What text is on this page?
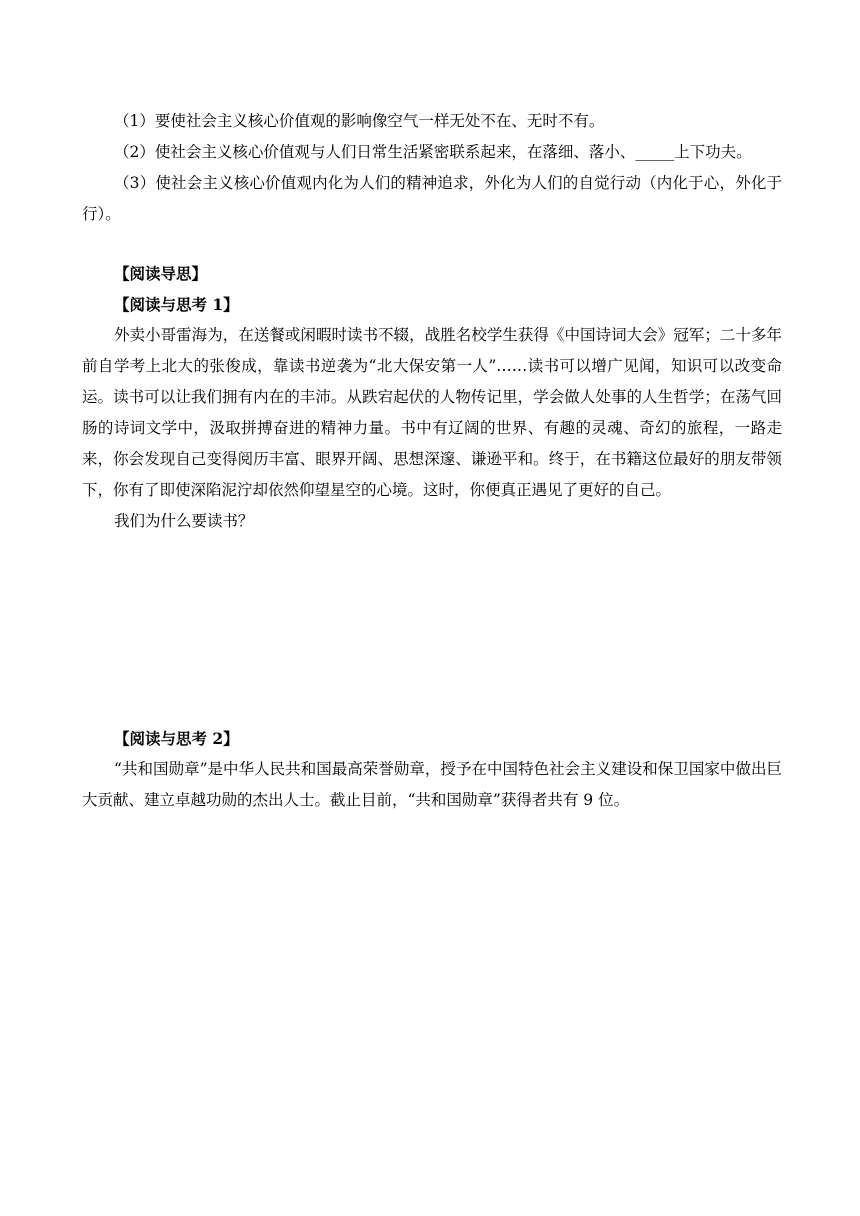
（1）要使社会主义核心价值观的影响像空气一样无处不在、无时不有。

（2）使社会主义核心价值观与人们日常生活紧密联系起来，在落细、落小、_____上下功夫。

（3）使社会主义核心价值观内化为人们的精神追求，外化为人们的自觉行动（内化于心，外化于行）。

【阅读导思】

【阅读与思考 1】

外卖小哥雷海为，在送餐或闲暇时读书不辍，战胜名校学生获得《中国诗词大会》冠军；二十多年前自学考上北大的张俊成，靠读书逆袭为“北大保安第一人”……读书可以增广见闻，知识可以改变命运。读书可以让我们拥有内在的丰沛。从跌宕起伏的人物传记里，学会做人处事的人生哲学；在荡气回肠的诗词文学中，汲取拼搏奋进的精神力量。书中有辽阔的世界、有趣的灵魂、奇幻的旅程，一路走来，你会发现自己变得阅历丰富、眼界开阔、思想深邃、谦逊平和。终于，在书籍这位最好的朋友带领下，你有了即使深陷泥泞却依然仰望星空的心境。这时，你便真正遇见了更好的自己。

我们为什么要读书？

【阅读与思考 2】

“共和国勋章”是中华人民共和国最高荣誉勋章，授予在中国特色社会主义建设和保卫国家中做出巨大贡献、建立卓越功勋的杰出人士。截止目前，“共和国勋章”获得者共有 9 位。
